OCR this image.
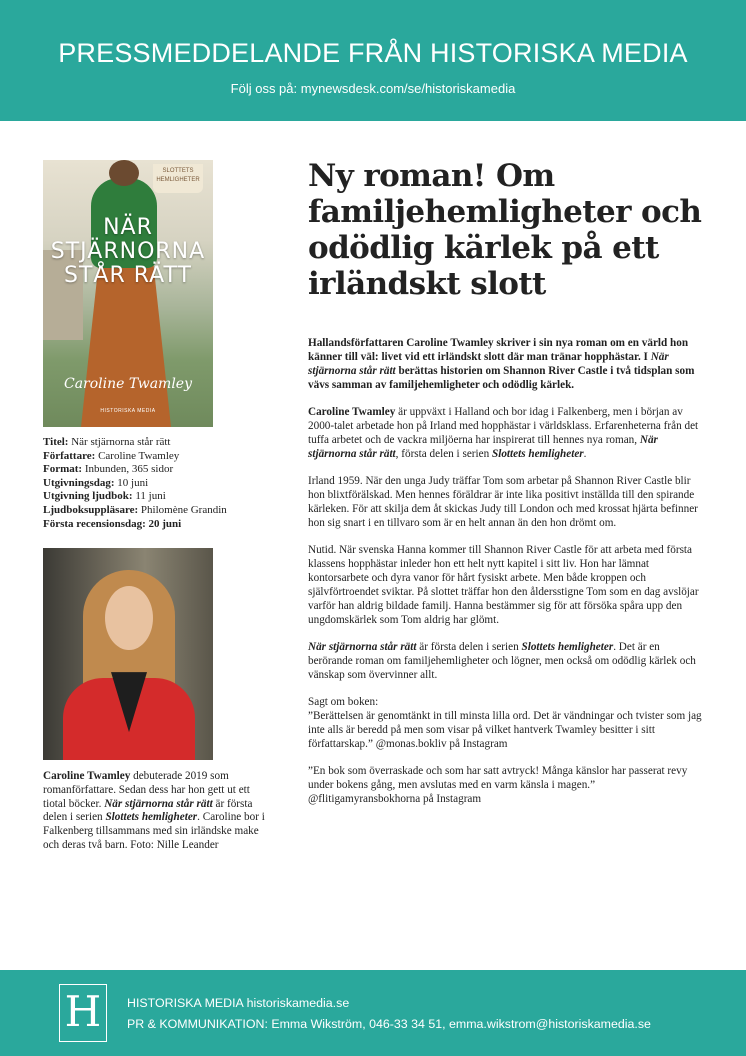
PRESSMEDDELANDE FRÅN HISTORISKA MEDIA
Följ oss på: mynewsdesk.com/se/historiskamedia
SLOTTETS HEMLIGHETER
NÄR
STJÄRNORNA
STÅR RÄTT
Caroline Twamley
HISTORISKA MEDIA
Titel: När stjärnorna står rätt
Författare: Caroline Twamley
Format: Inbunden, 365 sidor
Utgivningsdag: 10 juni
Utgivning ljudbok: 11 juni
Ljudboksuppläsare: Philomène Grandin
Första recensionsdag: 20 juni
Caroline Twamley debuterade 2019 som romanförfattare. Sedan dess har hon gett ut ett tiotal böcker. När stjärnorna står rätt är första delen i serien Slottets hemligheter. Caroline bor i Falkenberg tillsammans med sin irländske make och deras två barn. Foto: Nille Leander
Ny roman! Om familjehemligheter och odödlig kärlek på ett irländskt slott
Hallandsförfattaren Caroline Twamley skriver i sin nya roman om en värld hon känner till väl: livet vid ett irländskt slott där man tränar hopphästar. I När stjärnorna står rätt berättas historien om Shannon River Castle i två tidsplan som vävs samman av familjehemligheter och odödlig kärlek.
Caroline Twamley är uppväxt i Halland och bor idag i Falkenberg, men i början av 2000-talet arbetade hon på Irland med hopphästar i världsklass. Erfarenheterna från det tuffa arbetet och de vackra miljöerna har inspirerat till hennes nya roman, När stjärnorna står rätt, första delen i serien Slottets hemligheter.
Irland 1959. När den unga Judy träffar Tom som arbetar på Shannon River Castle blir hon blixtförälskad. Men hennes föräldrar är inte lika positivt inställda till den spirande kärleken. För att skilja dem åt skickas Judy till London och med krossat hjärta befinner hon sig snart i en tillvaro som är en helt annan än den hon drömt om.
Nutid. När svenska Hanna kommer till Shannon River Castle för att arbeta med första klassens hopphästar inleder hon ett helt nytt kapitel i sitt liv. Hon har lämnat kontorsarbete och dyra vanor för hårt fysiskt arbete. Men både kroppen och självförtroendet sviktar. På slottet träffar hon den åldersstigne Tom som en dag avslöjar varför han aldrig bildade familj. Hanna bestämmer sig för att försöka spåra upp den ungdomskärlek som Tom aldrig har glömt.
När stjärnorna står rätt är första delen i serien Slottets hemligheter. Det är en berörande roman om familjehemligheter och lögner, men också om odödlig kärlek och vänskap som övervinner allt.
Sagt om boken:
”Berättelsen är genomtänkt in till minsta lilla ord. Det är vändningar och tvister som jag inte alls är beredd på men som visar på vilket hantverk Twamley besitter i sitt författarskap.” @monas.bokliv på Instagram
”En bok som överraskade och som har satt avtryck! Många känslor har passerat revy under bokens gång, men avslutas med en varm känsla i magen.” @flitigamyransbokhorna på Instagram
H	HISTORISKA MEDIA historiskamedia.se
PR & KOMMUNIKATION: Emma Wikström, 046-33 34 51, emma.wikstrom@historiskamedia.se
